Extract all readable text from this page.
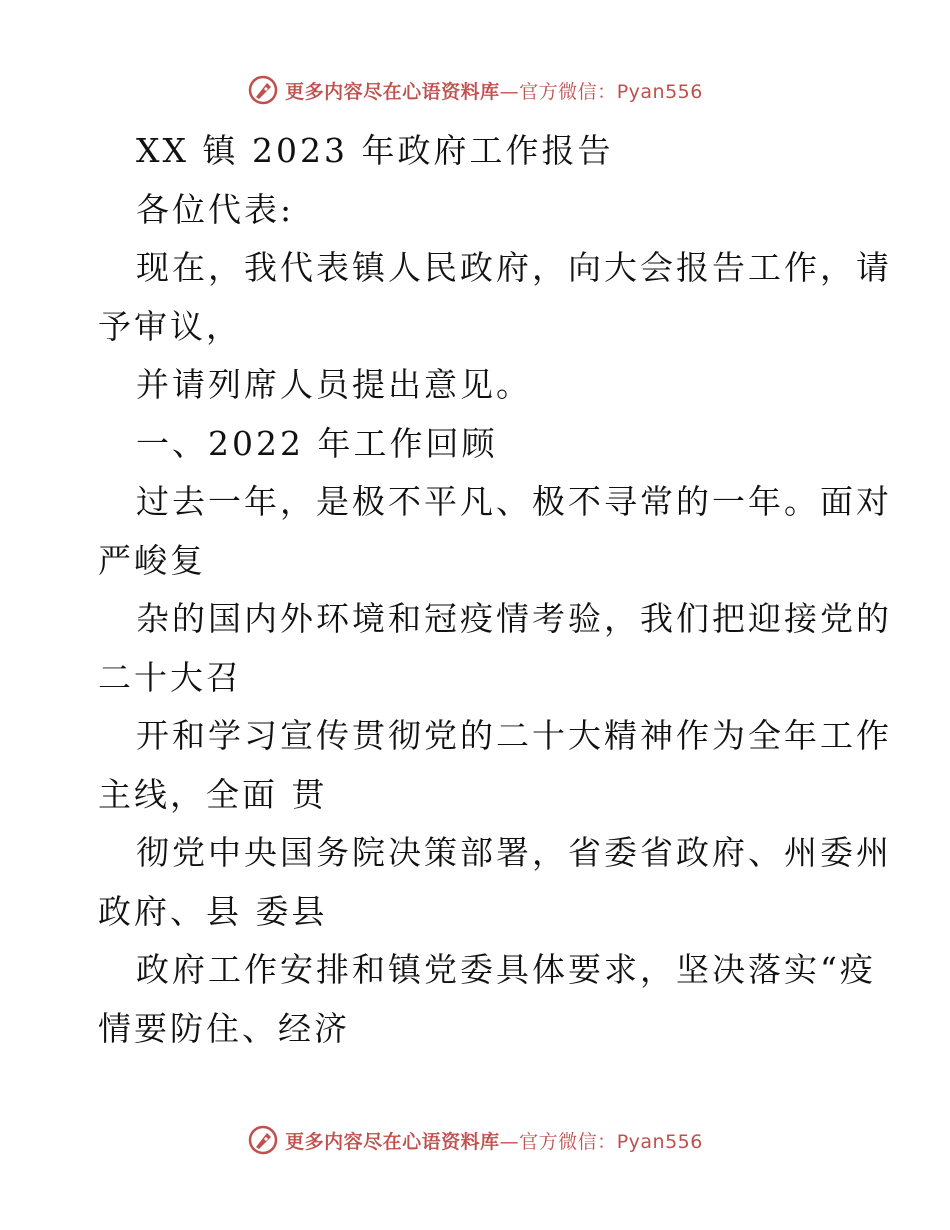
更多内容尽在心语资料库—官方微信：Pyan556
XX 镇 2023 年政府工作报告
各位代表:
现在，我代表镇人民政府，向大会报告工作，请
予审议，
并请列席人员提出意见。
一、2022 年工作回顾
过去一年，是极不平凡、极不寻常的一年。面对
严峻复
杂的国内外环境和冠疫情考验，我们把迎接党的
二十大召
开和学习宣传贯彻党的二十大精神作为全年工作
主线，全面 贯
彻党中央国务院决策部署，省委省政府、州委州
政府、县 委县
政府工作安排和镇党委具体要求，坚决落实“疫
情要防住、经济
更多内容尽在心语资料库—官方微信：Pyan556
